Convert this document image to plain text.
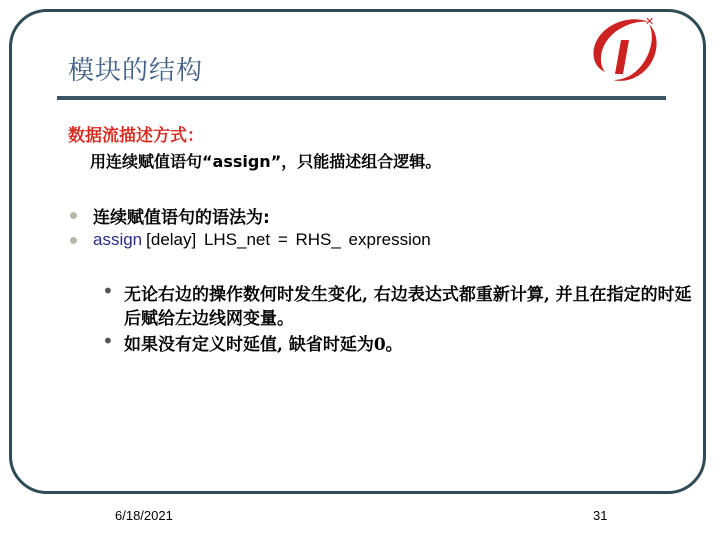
模块的结构
✕
数据流描述方式：
用连续赋值语句“assign”，只能描述组合逻辑。
连续赋值语句的语法为:
assign [delay] LHS_net = RHS_ expression
• 无论右边的操作数何时发生变化, 右边表达式都重新计算, 并且在指定的时延后赋给左边线网变量。
• 如果没有定义时延值, 缺省时延为0。
6/18/2021	31
